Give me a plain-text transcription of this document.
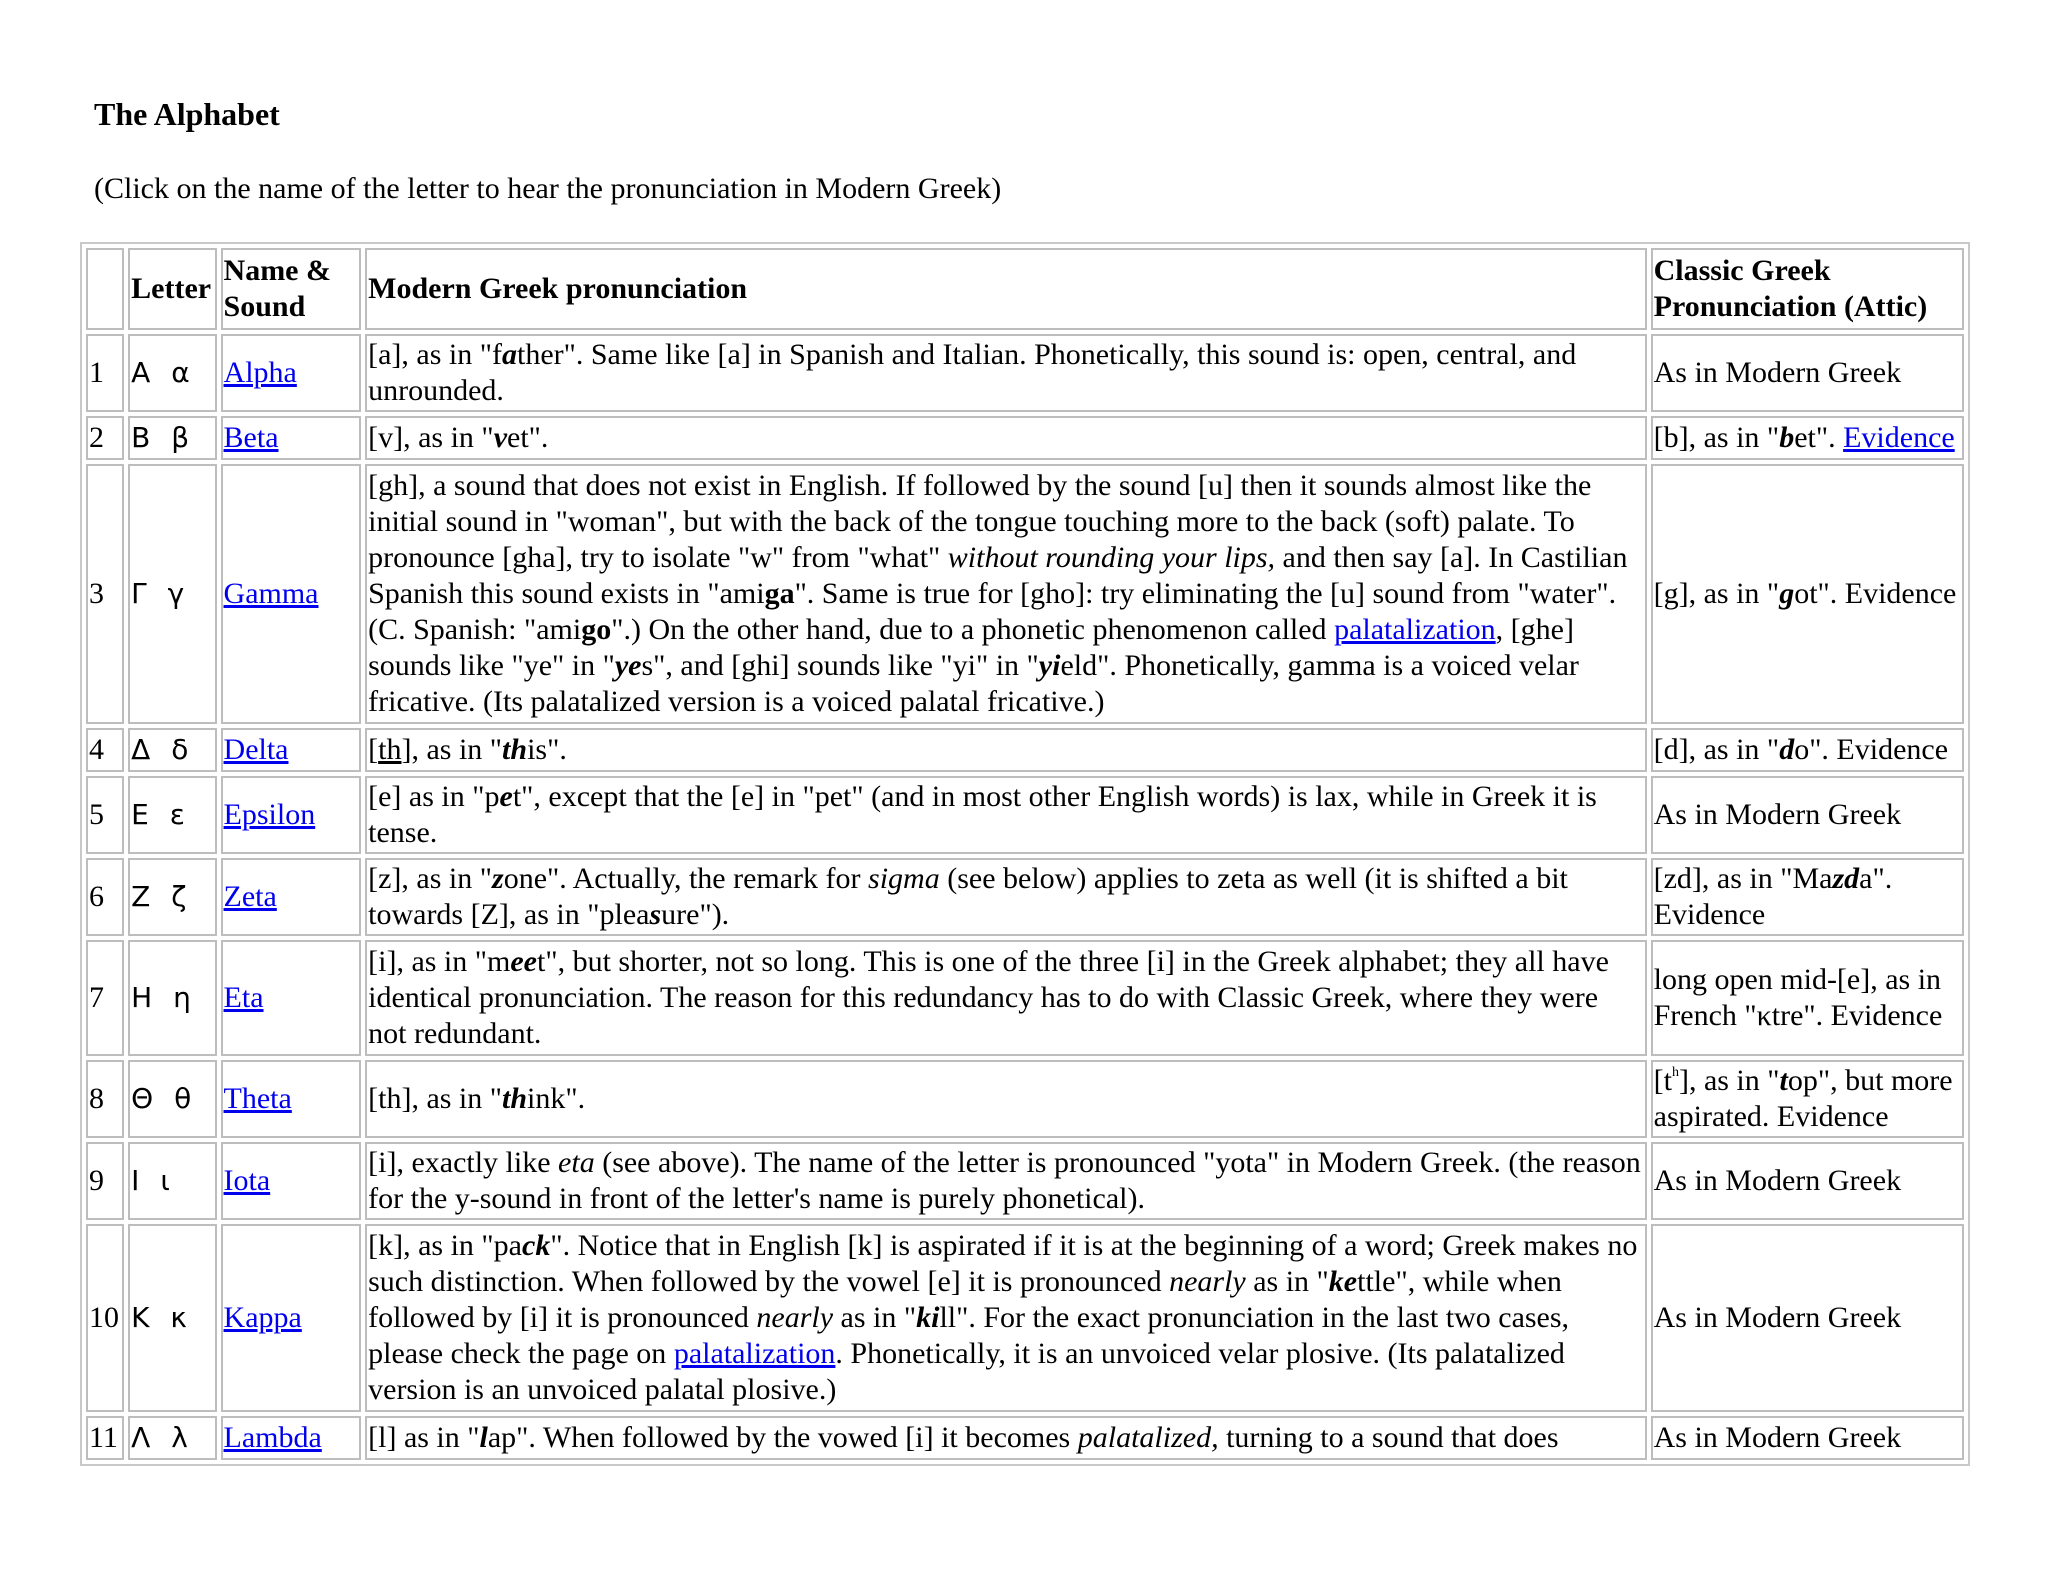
The Alphabet

(Click on the name of the letter to hear the pronunciation in Modern Greek)

	Letter	Name & Sound	Modern Greek pronunciation	Classic Greek Pronunciation (Attic)
1	Α α	Alpha	[a], as in "father". Same like [a] in Spanish and Italian. Phonetically, this sound is: open, central, and unrounded.	As in Modern Greek
2	Β β	Beta	[v], as in "vet".	[b], as in "bet". Evidence
3	Γ γ	Gamma	[gh], a sound that does not exist in English. If followed by the sound [u] then it sounds almost like the initial sound in "woman", but with the back of the tongue touching more to the back (soft) palate. To pronounce [gha], try to isolate "w" from "what" without rounding your lips, and then say [a]. In Castilian Spanish this sound exists in "amiga". Same is true for [gho]: try eliminating the [u] sound from "water". (C. Spanish: "amigo".) On the other hand, due to a phonetic phenomenon called palatalization, [ghe] sounds like "ye" in "yes", and [ghi] sounds like "yi" in "yield". Phonetically, gamma is a voiced velar fricative. (Its palatalized version is a voiced palatal fricative.)	[g], as in "got". Evidence
4	Δ δ	Delta	[th], as in "this".	[d], as in "do". Evidence
5	Ε ε	Epsilon	[e] as in "pet", except that the [e] in "pet" (and in most other English words) is lax, while in Greek it is tense.	As in Modern Greek
6	Ζ ζ	Zeta	[z], as in "zone". Actually, the remark for sigma (see below) applies to zeta as well (it is shifted a bit towards [Z], as in "pleasure").	[zd], as in "Mazda". Evidence
7	Η η	Eta	[i], as in "meet", but shorter, not so long. This is one of the three [i] in the Greek alphabet; they all have identical pronunciation. The reason for this redundancy has to do with Classic Greek, where they were not redundant.	long open mid-[e], as in French "κtre". Evidence
8	Θ θ	Theta	[th], as in "think".	$[t^h]$, as in "top", but more aspirated. Evidence
9	Ι ι	Iota	[i], exactly like eta (see above). The name of the letter is pronounced "yota" in Modern Greek. (the reason for the y-sound in front of the letter's name is purely phonetical).	As in Modern Greek
10	Κ κ	Kappa	[k], as in "pack". Notice that in English [k] is aspirated if it is at the beginning of a word; Greek makes no such distinction. When followed by the vowel [e] it is pronounced nearly as in "kettle", while when followed by [i] it is pronounced nearly as in "kill". For the exact pronunciation in the last two cases, please check the page on palatalization. Phonetically, it is an unvoiced velar plosive. (Its palatalized version is an unvoiced palatal plosive.)	As in Modern Greek
11	Λ λ	Lambda	[l] as in "lap". When followed by the vowed [i] it becomes palatalized, turning to a sound that does	As in Modern Greek
